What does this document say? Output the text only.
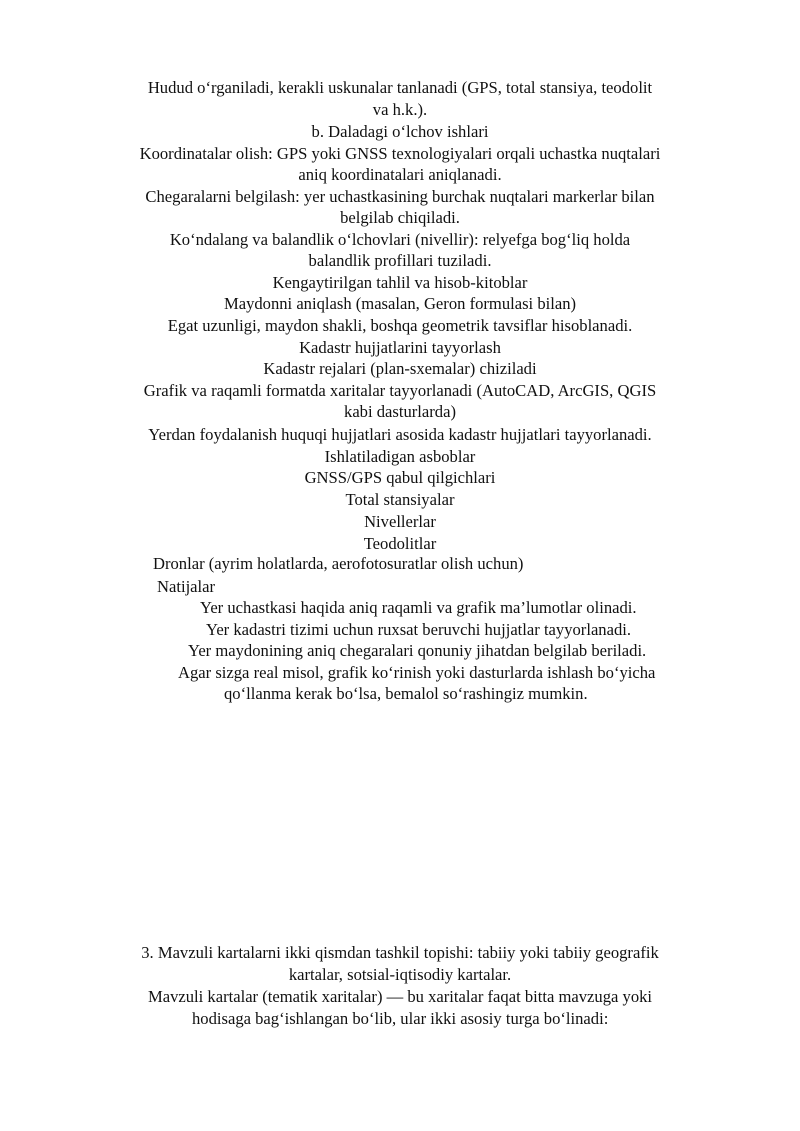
Hudud o‘rganiladi, kerakli uskunalar tanlanadi (GPS, total stansiya, teodolit

va h.k.).

b. Daladagi o‘lchov ishlari

Koordinatalar olish: GPS yoki GNSS texnologiyalari orqali uchastka nuqtalari

aniq koordinatalari aniqlanadi.

Chegaralarni belgilash: yer uchastkasining burchak nuqtalari markerlar bilan

belgilab chiqiladi.

Ko‘ndalang va balandlik o‘lchovlari (nivellir): relyefga bog‘liq holda

balandlik profillari tuziladi.

Kengaytirilgan tahlil va hisob-kitoblar

Maydonni aniqlash (masalan, Geron formulasi bilan)

Egat uzunligi, maydon shakli, boshqa geometrik tavsiflar hisoblanadi.

Kadastr hujjatlarini tayyorlash

Kadastr rejalari (plan-sxemalar) chiziladi

Grafik va raqamli formatda xaritalar tayyorlanadi (AutoCAD, ArcGIS, QGIS

kabi dasturlarda)

Yerdan foydalanish huquqi hujjatlari asosida kadastr hujjatlari tayyorlanadi.

Ishlatiladigan asboblar

GNSS/GPS qabul qilgichlari

Total stansiyalar

Nivellerlar

Teodolitlar

Dronlar (ayrim holatlarda, aerofotosuratlar olish uchun)

Natijalar

Yer uchastkasi haqida aniq raqamli va grafik ma’lumotlar olinadi.

Yer kadastri tizimi uchun ruxsat beruvchi hujjatlar tayyorlanadi.

Yer maydonining aniq chegaralari qonuniy jihatdan belgilab beriladi.

Agar sizga real misol, grafik ko‘rinish yoki dasturlarda ishlash bo‘yicha

qo‘llanma kerak bo‘lsa, bemalol so‘rashingiz mumkin.

3. Mavzuli kartalarni ikki qismdan tashkil topishi: tabiiy yoki tabiiy geografik

kartalar, sotsial-iqtisodiy kartalar.

Mavzuli kartalar (tematik xaritalar) — bu xaritalar faqat bitta mavzuga yoki

hodisaga bag‘ishlangan bo‘lib, ular ikki asosiy turga bo‘linadi:
